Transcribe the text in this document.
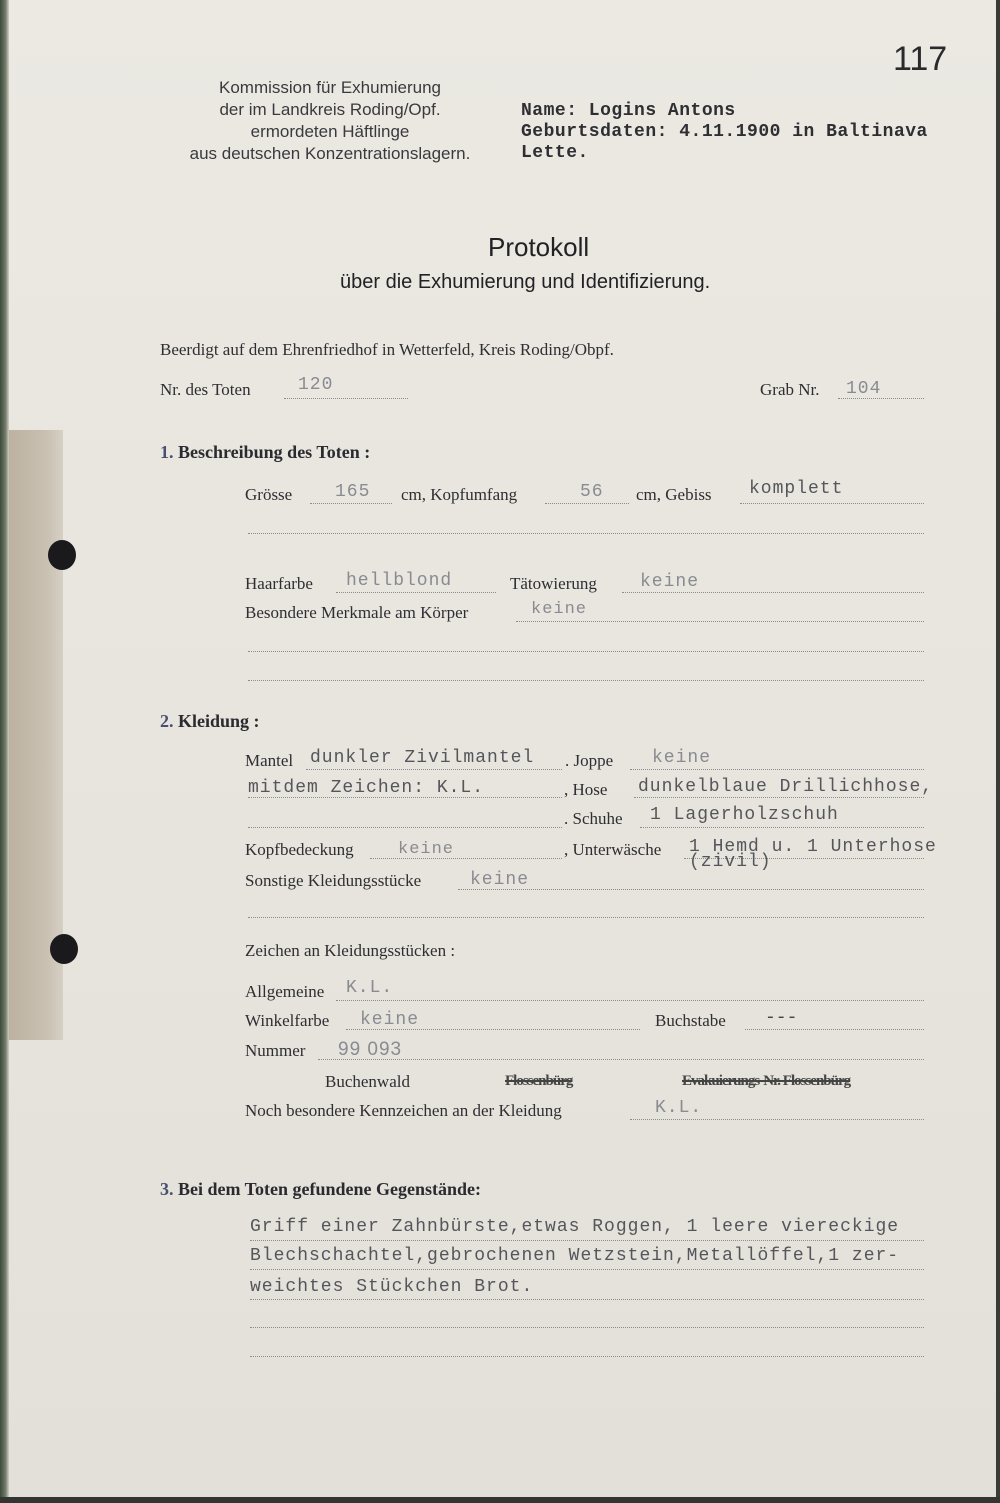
117
Kommission für Exhumierung
der im Landkreis Roding/Opf.
ermordeten Häftlinge
aus deutschen Konzentrationslagern.
Name: Logins Antons
Geburtsdaten: 4.11.1900 in Baltinava
Lette.
Protokoll
über die Exhumierung und Identifizierung.
Beerdigt auf dem Ehrenfriedhof in Wetterfeld, Kreis Roding/Obpf.
Nr. des Toten	120	Grab Nr. 104
1. Beschreibung des Toten :
Grösse 165 cm, Kopfumfang	56 cm, Gebiss komplett
Haarfarbe hellblond	Tätowierung keine
Besondere Merkmale am Körper	keine
2. Kleidung :
Mantel dunkler Zivilmantel . Joppe keine
mitdem Zeichen: K.L.	, Hose dunkelblaue Drillichhose,
. Schuhe 1 Lagerholzschuh
Kopfbedeckung	keine	, Unterwäsche 1 Hemd u. 1 Unterhose
(zivil)
Sonstige Kleidungsstücke	keine
Zeichen an Kleidungsstücken :
Allgemeine K.L.
Winkelfarbe keine	Buchstabe ---
Nummer 99 093
Buchenwald	Flossenbürg	Evakuierungs-Nr. Flossenbürg
Noch besondere Kennzeichen an der Kleidung	K.L.
3. Bei dem Toten gefundene Gegenstände:
Griff einer Zahnbürste,etwas Roggen, 1 leere viereckige
Blechschachtel,gebrochenen Wetzstein,Metallöffel,1 zer-
weichtes Stückchen Brot.
